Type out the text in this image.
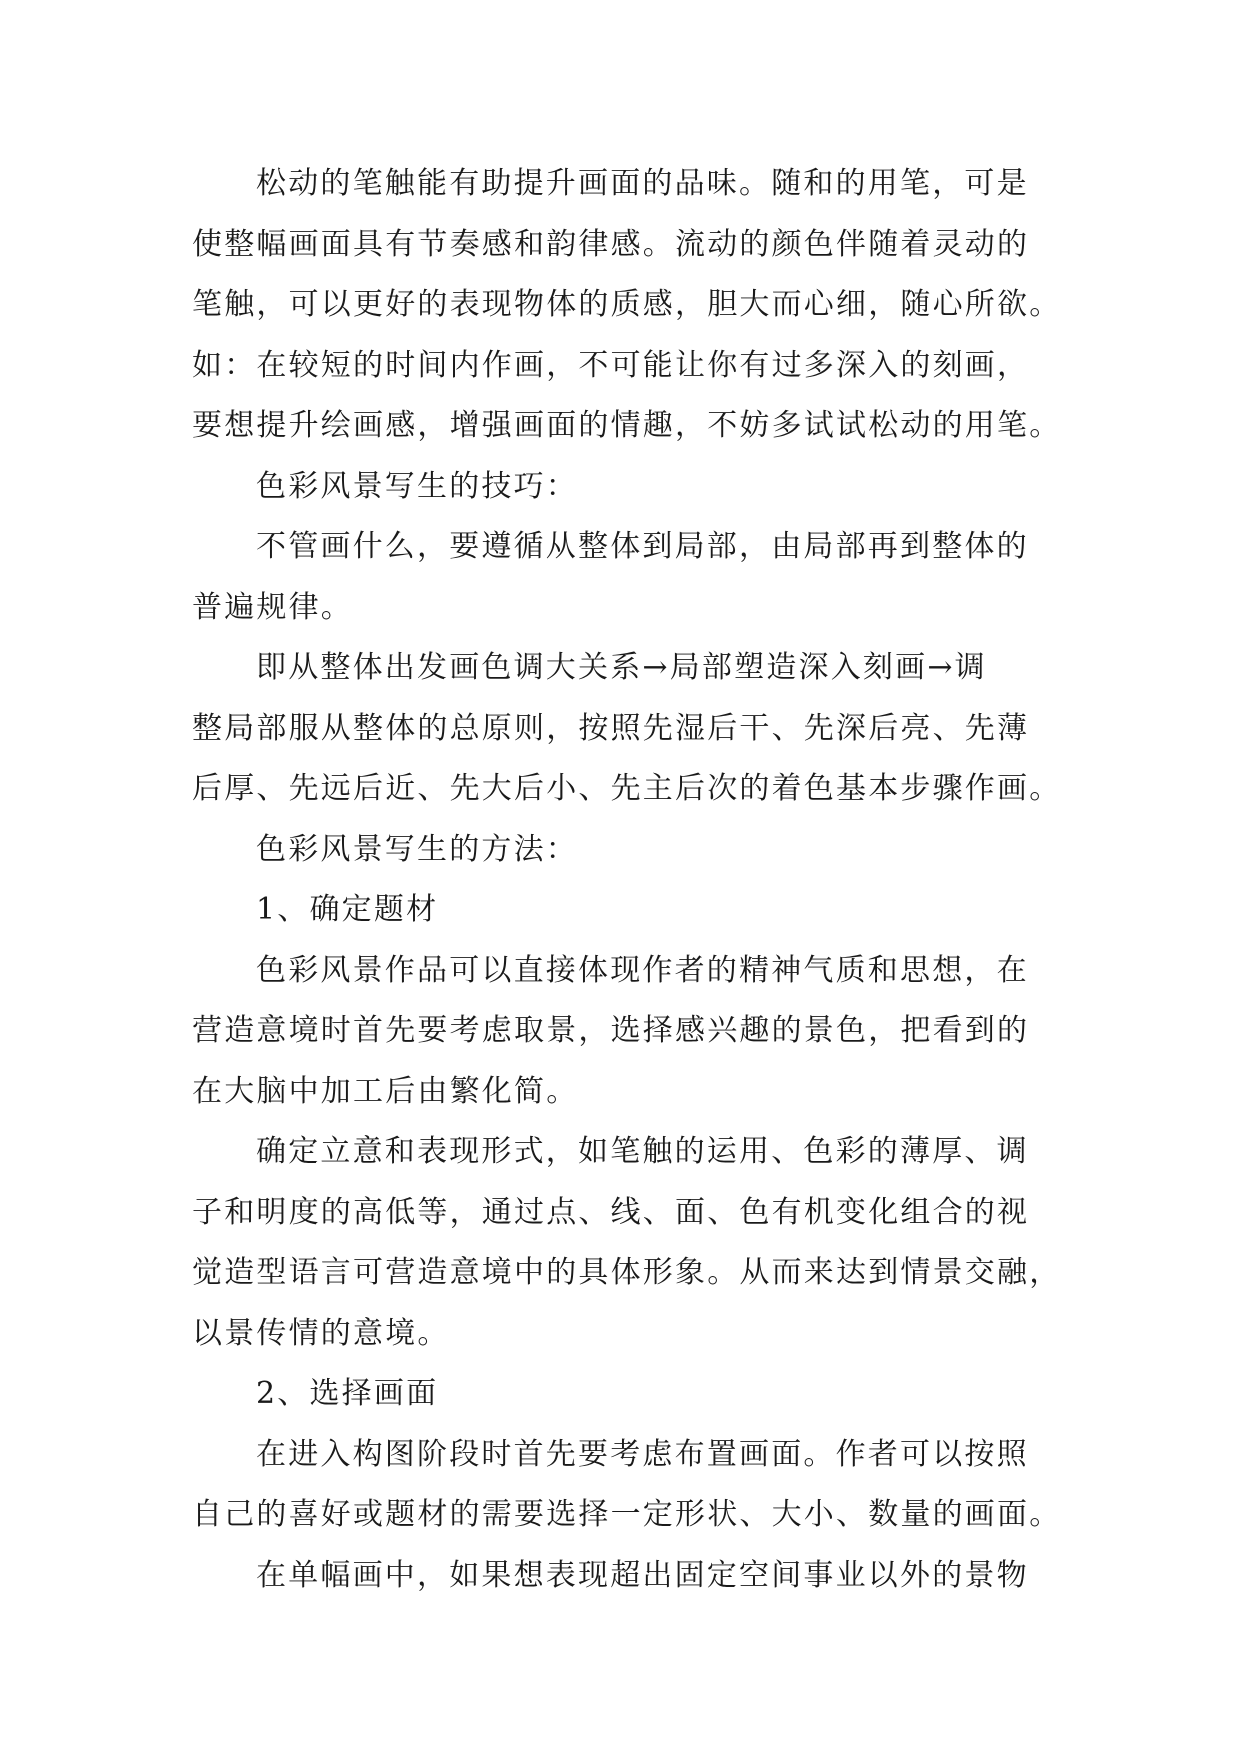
松动的笔触能有助提升画面的品味。随和的用笔，可是
使整幅画面具有节奏感和韵律感。流动的颜色伴随着灵动的
笔触，可以更好的表现物体的质感，胆大而心细，随心所欲。
如：在较短的时间内作画，不可能让你有过多深入的刻画，
要想提升绘画感，增强画面的情趣，不妨多试试松动的用笔。

色彩风景写生的技巧：

不管画什么，要遵循从整体到局部，由局部再到整体的
普遍规律。

即从整体出发画色调大关系→局部塑造深入刻画→调
整局部服从整体的总原则，按照先湿后干、先深后亮、先薄
后厚、先远后近、先大后小、先主后次的着色基本步骤作画。

色彩风景写生的方法：

1、确定题材

色彩风景作品可以直接体现作者的精神气质和思想，在
营造意境时首先要考虑取景，选择感兴趣的景色，把看到的
在大脑中加工后由繁化简。

确定立意和表现形式，如笔触的运用、色彩的薄厚、调
子和明度的高低等，通过点、线、面、色有机变化组合的视
觉造型语言可营造意境中的具体形象。从而来达到情景交融，
以景传情的意境。

2、选择画面

在进入构图阶段时首先要考虑布置画面。作者可以按照
自己的喜好或题材的需要选择一定形状、大小、数量的画面。

在单幅画中，如果想表现超出固定空间事业以外的景物
